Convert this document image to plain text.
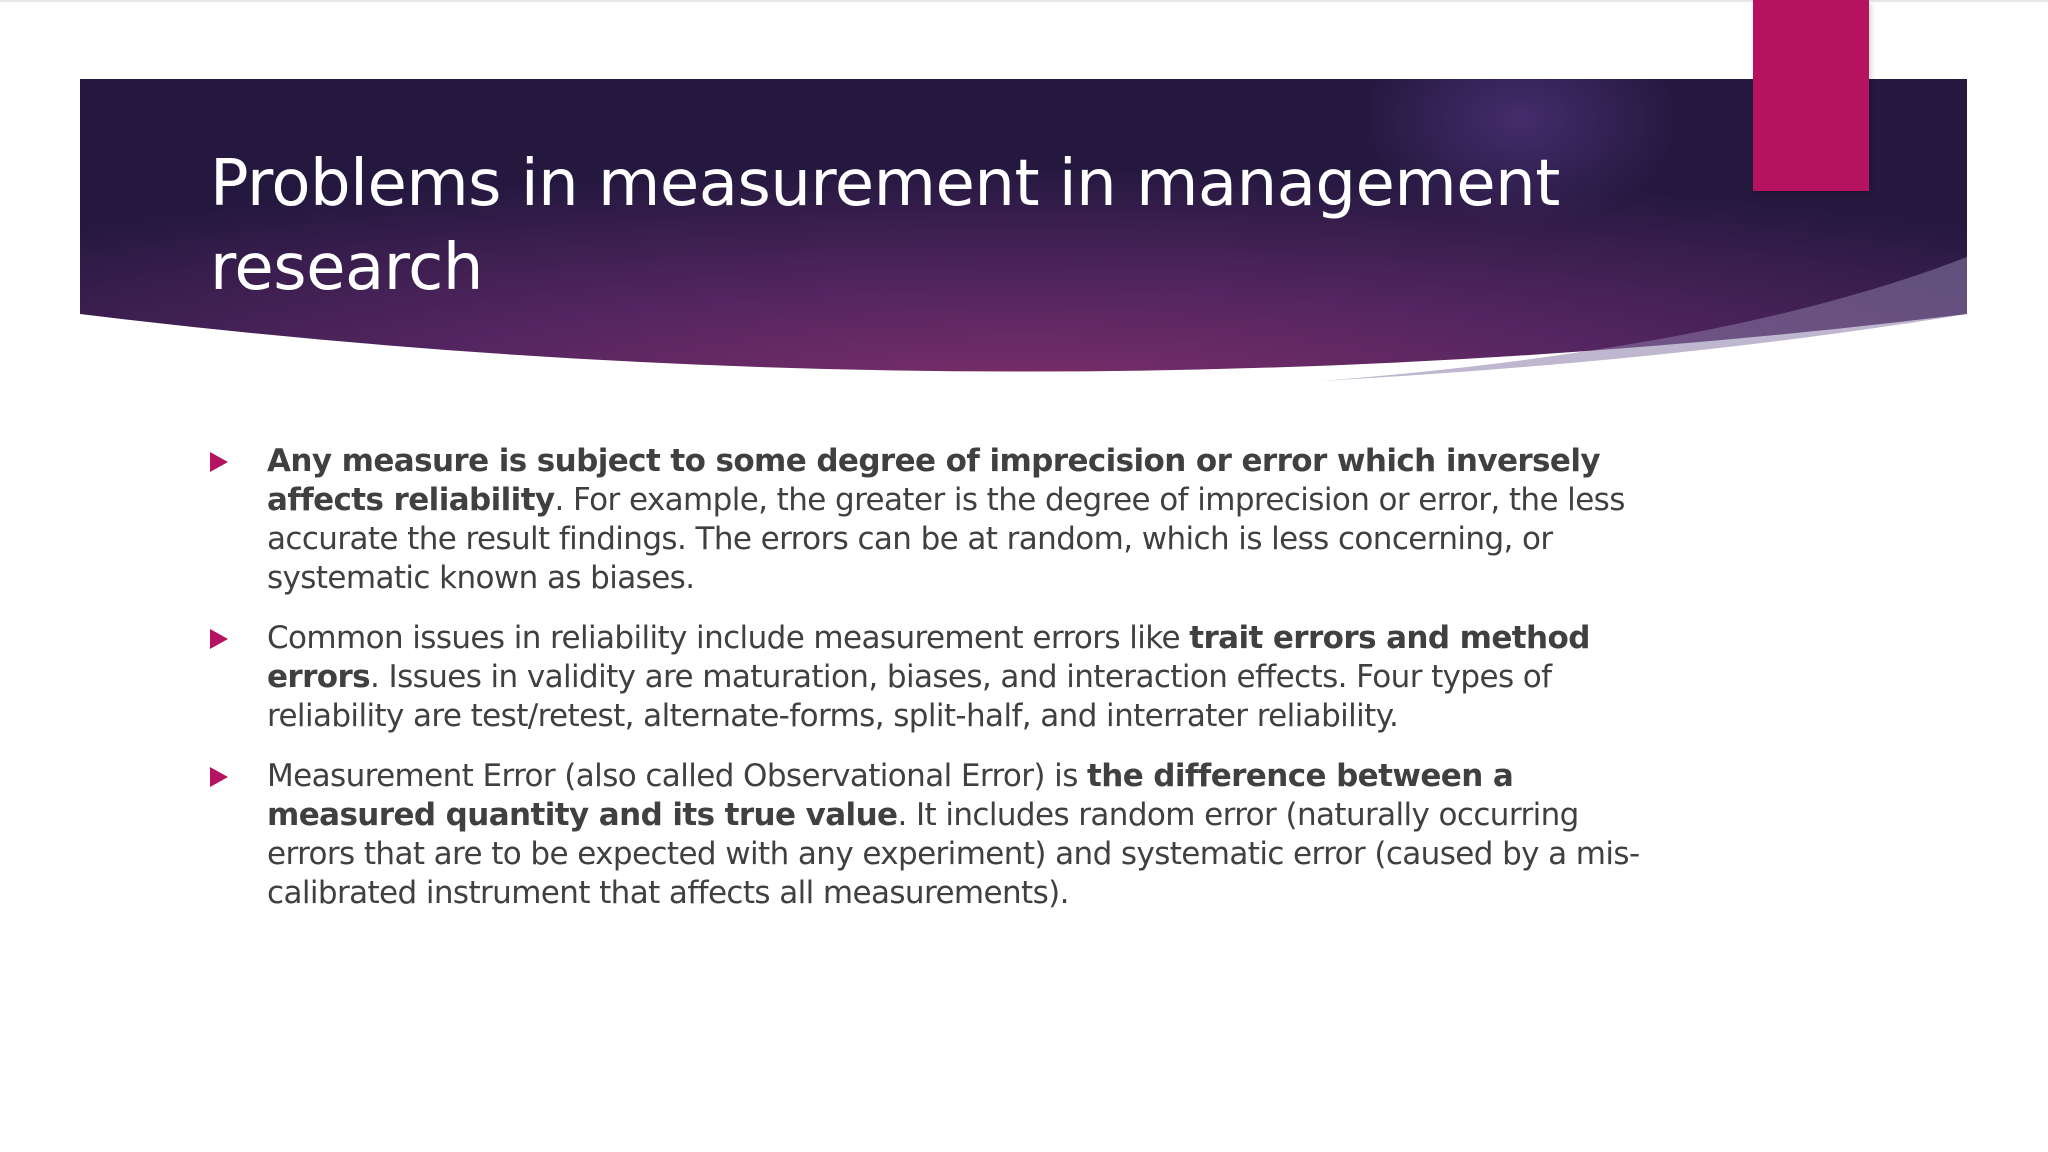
Problems in measurement in management research
Any measure is subject to some degree of imprecision or error which inversely affects reliability. For example, the greater is the degree of imprecision or error, the less accurate the result findings. The errors can be at random, which is less concerning, or systematic known as biases.
Common issues in reliability include measurement errors like trait errors and method errors. Issues in validity are maturation, biases, and interaction effects. Four types of reliability are test/retest, alternate-forms, split-half, and interrater reliability.
Measurement Error (also called Observational Error) is the difference between a measured quantity and its true value. It includes random error (naturally occurring errors that are to be expected with any experiment) and systematic error (caused by a mis-calibrated instrument that affects all measurements).
